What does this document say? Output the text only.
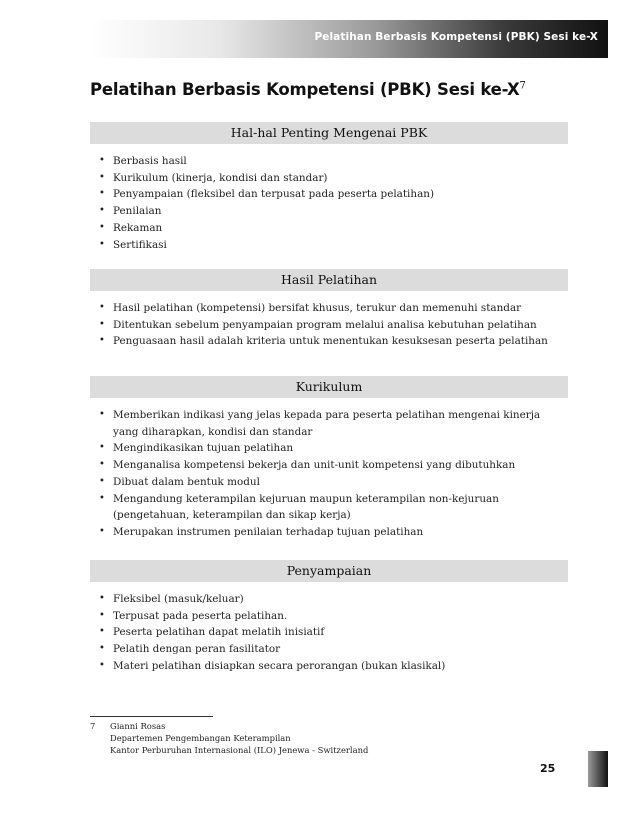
Pelatihan Berbasis Kompetensi (PBK) Sesi ke-X
Pelatihan Berbasis Kompetensi (PBK) Sesi $ke-X^7$
Hal-hal Penting Mengenai PBK
• Berbasis hasil
• Kurikulum (kinerja, kondisi dan standar)
• Penyampaian (fleksibel dan terpusat pada peserta pelatihan)
• Penilaian
• Rekaman
• Sertifikasi
Hasil Pelatihan
• Hasil pelatihan (kompetensi) bersifat khusus, terukur dan memenuhi standar
• Ditentukan sebelum penyampaian program melalui analisa kebutuhan pelatihan
• Penguasaan hasil adalah kriteria untuk menentukan kesuksesan peserta pelatihan
Kurikulum
• Memberikan indikasi yang jelas kepada para peserta pelatihan mengenai kinerja yang diharapkan, kondisi dan standar
• Mengindikasikan tujuan pelatihan
• Menganalisa kompetensi bekerja dan unit-unit kompetensi yang dibutuhkan
• Dibuat dalam bentuk modul
• Mengandung keterampilan kejuruan maupun keterampilan non-kejuruan (pengetahuan, keterampilan dan sikap kerja)
• Merupakan instrumen penilaian terhadap tujuan pelatihan
Penyampaian
• Fleksibel (masuk/keluar)
• Terpusat pada peserta pelatihan.
• Peserta pelatihan dapat melatih inisiatif
• Pelatih dengan peran fasilitator
• Materi pelatihan disiapkan secara perorangan (bukan klasikal)
7 Gianni Rosas
Departemen Pengembangan Keterampilan
Kantor Perburuhan Internasional (ILO) Jenewa - Switzerland
25
